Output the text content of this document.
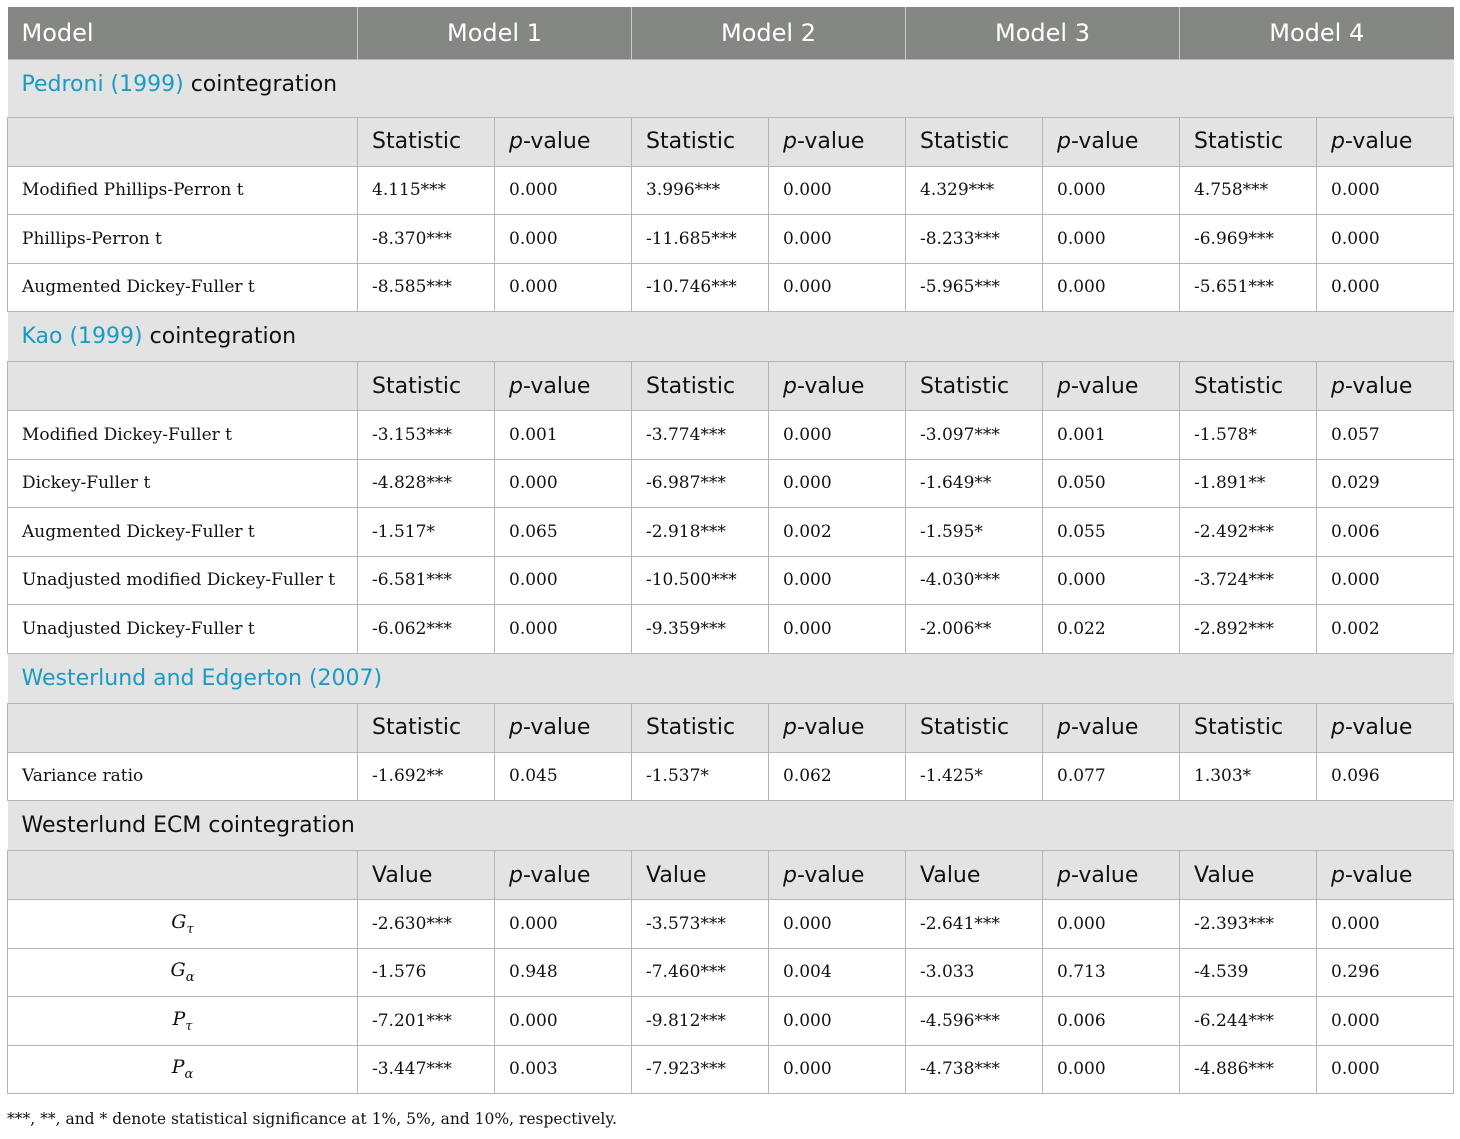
Model	Model 1		Model 2		Model 3		Model 4	
Pedroni (1999) cointegration								
	Statistic	p-value	Statistic	p-value	Statistic	p-value	Statistic	p-value
Modified Phillips-Perron t	4.115***	0.000	3.996***	0.000	4.329***	0.000	4.758***	0.000
Phillips-Perron t	-8.370***	0.000	-11.685***	0.000	-8.233***	0.000	-6.969***	0.000
Augmented Dickey-Fuller t	-8.585***	0.000	-10.746***	0.000	-5.965***	0.000	-5.651***	0.000
Kao (1999) cointegration								
	Statistic	p-value	Statistic	p-value	Statistic	p-value	Statistic	p-value
Modified Dickey-Fuller t	-3.153***	0.001	-3.774***	0.000	-3.097***	0.001	-1.578*	0.057
Dickey-Fuller t	-4.828***	0.000	-6.987***	0.000	-1.649**	0.050	-1.891**	0.029
Augmented Dickey-Fuller t	-1.517*	0.065	-2.918***	0.002	-1.595*	0.055	-2.492***	0.006
Unadjusted modified Dickey-Fuller t	-6.581***	0.000	-10.500***	0.000	-4.030***	0.000	-3.724***	0.000
Unadjusted Dickey-Fuller t	-6.062***	0.000	-9.359***	0.000	-2.006**	0.022	-2.892***	0.002
Westerlund and Edgerton (2007)								
	Statistic	p-value	Statistic	p-value	Statistic	p-value	Statistic	p-value
Variance ratio	-1.692**	0.045	-1.537*	0.062	-1.425*	0.077	1.303*	0.096
Westerlund ECM cointegration								
	Value	p-value	Value	p-value	Value	p-value	Value	p-value
$G_\tau$	-2.630***	0.000	-3.573***	0.000	-2.641***	0.000	-2.393***	0.000
$G_\alpha$	-1.576	0.948	-7.460***	0.004	-3.033	0.713	-4.539	0.296
$P_\tau$	-7.201***	0.000	-9.812***	0.000	-4.596***	0.006	-6.244***	0.000
$P_\alpha$	-3.447***	0.003	-7.923***	0.000	-4.738***	0.000	-4.886***	0.000
***, **, and * denote statistical significance at 1%, 5%, and 10%, respectively.
